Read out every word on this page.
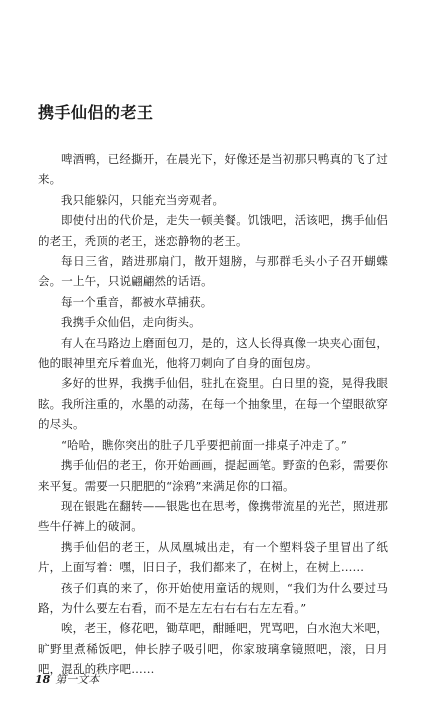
携手仙侣的老王

啤酒鸭，已经撕开，在晨光下，好像还是当初那只鸭真的飞了过来。

我只能躲闪，只能充当旁观者。

即使付出的代价是，走失一顿美餐。饥饿吧，活该吧，携手仙侣的老王，秃顶的老王，迷恋静物的老王。

每日三省，踏进那扇门，散开翅膀，与那群毛头小子召开蝴蝶会。一上午，只说翩翩然的话语。

每一个重音，都被水草捕获。

我携手众仙侣，走向街头。

有人在马路边上磨面包刀，是的，这人长得真像一块夹心面包，他的眼神里充斥着血光，他将刀刺向了自身的面包房。

多好的世界，我携手仙侣，驻扎在瓷里。白日里的瓷，晃得我眼眩。我所注重的，水墨的动荡，在每一个抽象里，在每一个望眼欲穿的尽头。

“哈哈，瞧你突出的肚子几乎要把前面一排桌子冲走了。”

携手仙侣的老王，你开始画画，提起画笔。野蛮的色彩，需要你来平复。需要一只肥肥的“涂鸦”来满足你的口福。

现在银匙在翻转——银匙也在思考，像携带流星的光芒，照进那些牛仔裤上的破洞。

携手仙侣的老王，从凤凰城出走，有一个塑料袋子里冒出了纸片，上面写着：嘿，旧日子，我们都来了，在树上，在树上……

孩子们真的来了，你开始使用童话的规则，“我们为什么要过马路，为什么要左右看，而不是左左右右右右左左看。”

唉，老王，修花吧，锄草吧，酣睡吧，咒骂吧，白水泡大米吧，旷野里煮稀饭吧，伸长脖子吸引吧，你家玻璃拿镜照吧，滚，日月吧，混乱的秩序吧……

18 第一文本
